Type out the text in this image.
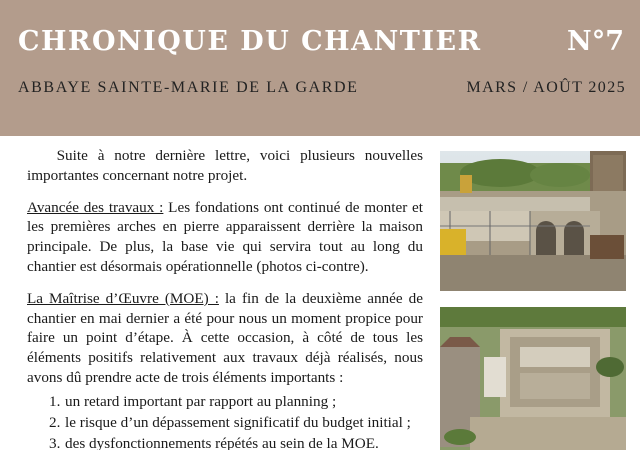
CHRONIQUE DU CHANTIER	N°7
ABBAYE SAINTE-MARIE DE LA GARDE	MARS / AOÛT 2025

Suite à notre dernière lettre, voici plusieurs nouvelles importantes concernant notre projet.

Avancée des travaux : Les fondations ont continué de monter et les premières arches en pierre apparaissent derrière la maison principale. De plus, la base vie qui servira tout au long du chantier est désormais opérationnelle (photos ci-contre).

La Maîtrise d’Œuvre (MOE) : la fin de la deuxième année de chantier en mai dernier a été pour nous un moment propice pour faire un point d’étape. À cette occasion, à côté de tous les éléments positifs relativement aux travaux déjà réalisés, nous avons dû prendre acte de trois éléments importants :

1. un retard important par rapport au planning ;
2. le risque d’un dépassement significatif du budget initial ;
3. des dysfonctionnements répétés au sein de la MOE.
